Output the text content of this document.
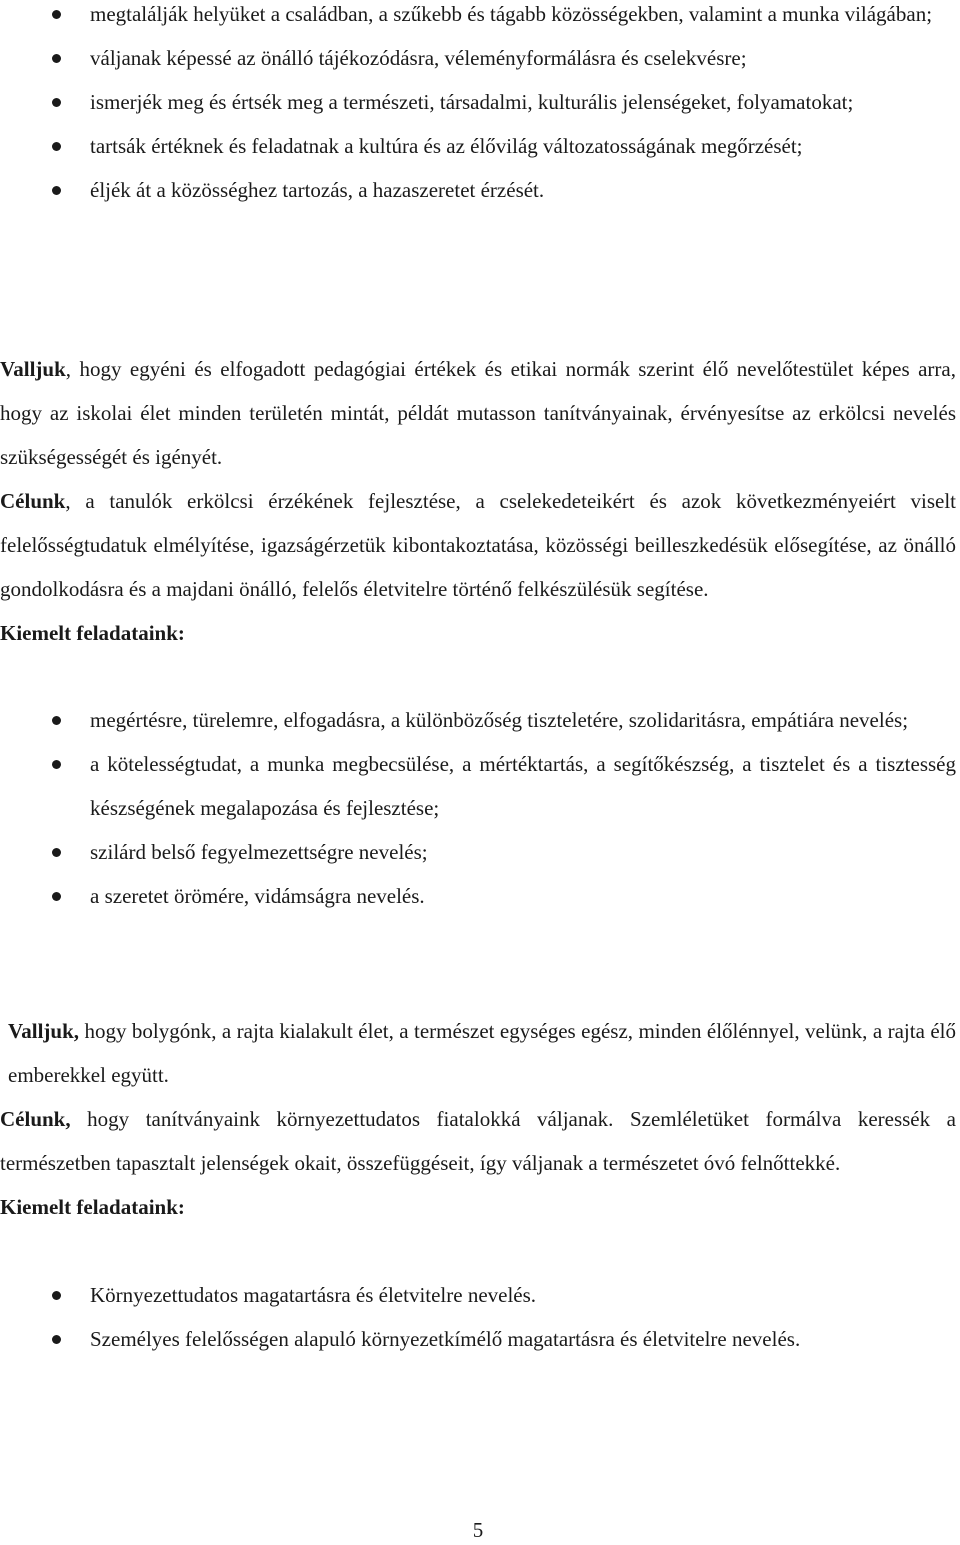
megtalálják helyüket a családban, a szűkebb és tágabb közösségekben, valamint a munka világában;
váljanak képessé az önálló tájékozódásra, véleményformálásra és cselekvésre;
ismerjék meg és értsék meg a természeti, társadalmi, kulturális jelenségeket, folyamatokat;
tartsák értéknek és feladatnak a kultúra és az élővilág változatosságának megőrzését;
éljék át a közösséghez tartozás, a hazaszeretet érzését.

Valljuk, hogy egyéni és elfogadott pedagógiai értékek és etikai normák szerint élő nevelőtestület képes arra, hogy az iskolai élet minden területén mintát, példát mutasson tanítványainak, érvényesítse az erkölcsi nevelés szükségességét és igényét.

Célunk, a tanulók erkölcsi érzékének fejlesztése, a cselekedeteikért és azok következményeiért viselt felelősségtudatuk elmélyítése, igazságérzetük kibontakoztatása, közösségi beilleszkedésük elősegítése, az önálló gondolkodásra és a majdani önálló, felelős életvitelre történő felkészülésük segítése.

Kiemelt feladataink:

megértésre, türelemre, elfogadásra, a különbözőség tiszteletére, szolidaritásra, empátiára nevelés;
a kötelességtudat, a munka megbecsülése, a mértéktartás, a segítőkészség, a tisztelet és a tisztesség készségének megalapozása és fejlesztése;
szilárd belső fegyelmezettségre nevelés;
a szeretet örömére, vidámságra nevelés.

Valljuk, hogy bolygónk, a rajta kialakult élet, a természet egységes egész, minden élőlénnyel, velünk, a rajta élő emberekkel együtt.

Célunk, hogy tanítványaink környezettudatos fiatalokká váljanak. Szemléletüket formálva keressék a természetben tapasztalt jelenségek okait, összefüggéseit, így váljanak a természetet óvó felnőttekké.

Kiemelt feladataink:

Környezettudatos magatartásra és életvitelre nevelés.
Személyes felelősségen alapuló környezetkímélő magatartásra és életvitelre nevelés.
5
